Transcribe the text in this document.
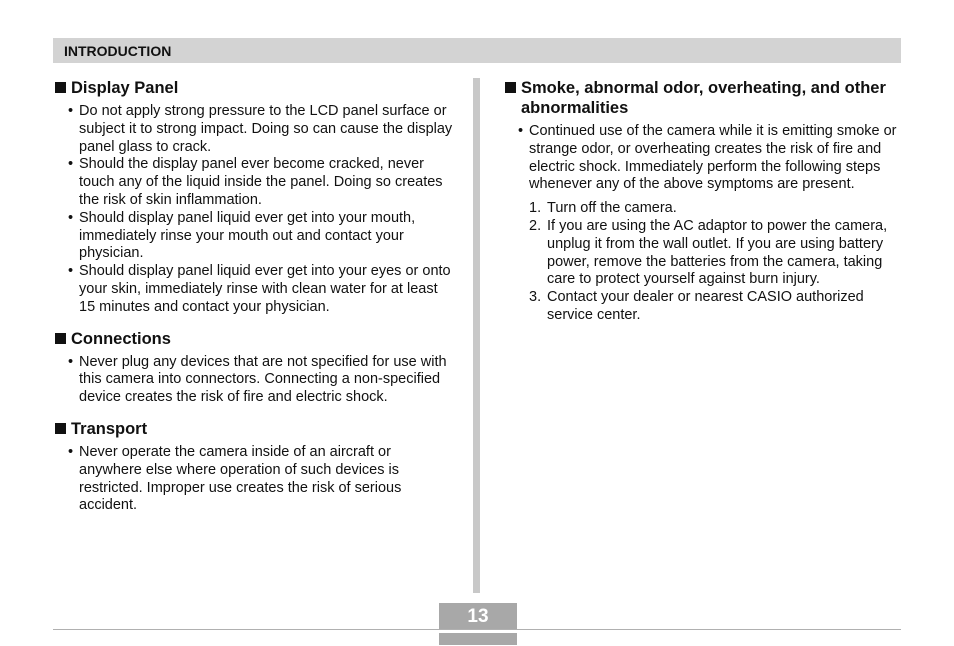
INTRODUCTION
Display Panel
• Do not apply strong pressure to the LCD panel surface or subject it to strong impact. Doing so can cause the display panel glass to crack.
• Should the display panel ever become cracked, never touch any of the liquid inside the panel. Doing so creates the risk of skin inflammation.
• Should display panel liquid ever get into your mouth, immediately rinse your mouth out and contact your physician.
• Should display panel liquid ever get into your eyes or onto your skin, immediately rinse with clean water for at least 15 minutes and contact your physician.
Connections
• Never plug any devices that are not specified for use with this camera into connectors. Connecting a non-specified device creates the risk of fire and electric shock.
Transport
• Never operate the camera inside of an aircraft or anywhere else where operation of such devices is restricted. Improper use creates the risk of serious accident.
Smoke, abnormal odor, overheating, and other abnormalities
• Continued use of the camera while it is emitting smoke or strange odor, or overheating creates the risk of fire and electric shock. Immediately perform the following steps whenever any of the above symptoms are present.
1. Turn off the camera.
2. If you are using the AC adaptor to power the camera, unplug it from the wall outlet. If you are using battery power, remove the batteries from the camera, taking care to protect yourself against burn injury.
3. Contact your dealer or nearest CASIO authorized service center.
13
